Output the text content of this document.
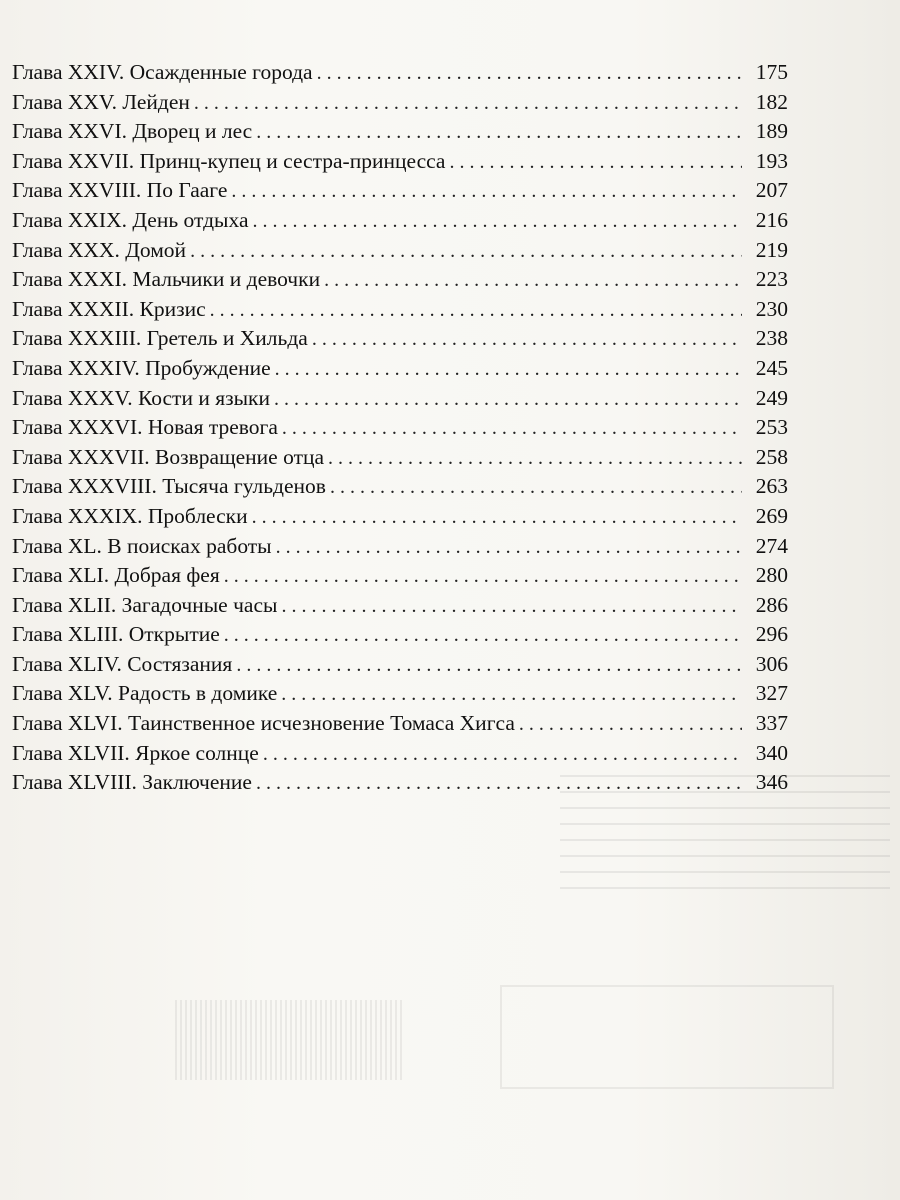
Глава XXIV. Осажденные города . . .	175
Глава XXV. Лейден . . .	182
Глава XXVI. Дворец и лес . . .	189
Глава XXVII. Принц-купец и сестра-принцесса . . .	193
Глава XXVIII. По Гааге . . .	207
Глава XXIX. День отдыха . . .	216
Глава XXX. Домой . . .	219
Глава XXXI. Мальчики и девочки . . .	223
Глава XXXII. Кризис . . .	230
Глава XXXIII. Гретель и Хильда . . .	238
Глава XXXIV. Пробуждение . . .	245
Глава XXXV. Кости и языки . . .	249
Глава XXXVI. Новая тревога . . .	253
Глава XXXVII. Возвращение отца . . .	258
Глава XXXVIII. Тысяча гульденов . . .	263
Глава XXXIX. Проблески . . .	269
Глава XL. В поисках работы . . .	274
Глава XLI. Добрая фея . . .	280
Глава XLII. Загадочные часы . . .	286
Глава XLIII. Открытие . . .	296
Глава XLIV. Состязания . . .	306
Глава XLV. Радость в домике . . .	327
Глава XLVI. Таинственное исчезновение Томаса Хигса . . .	337
Глава XLVII. Яркое солнце . . .	340
Глава XLVIII. Заключение . . .	346
